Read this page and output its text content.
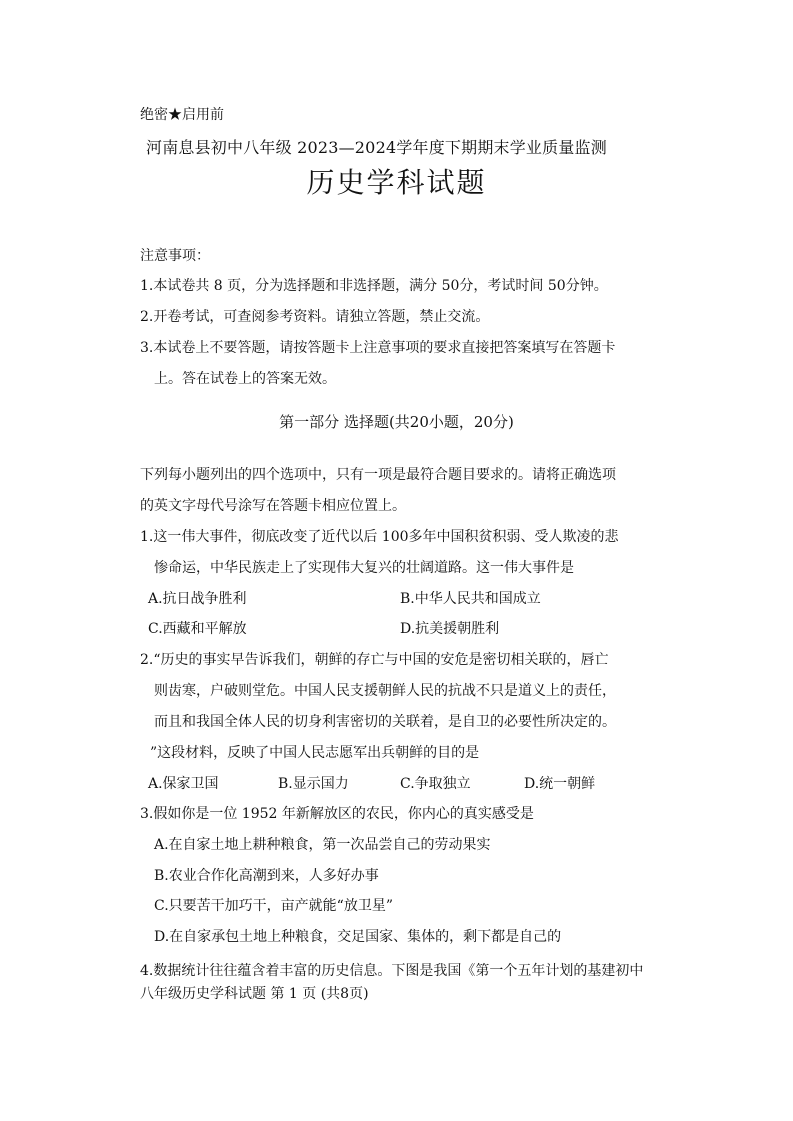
绝密★启用前
河南息县初中八年级 2023—2024学年度下期期末学业质量监测
历史学科试题
注意事项：
1.本试卷共 8 页，分为选择题和非选择题，满分 50分，考试时间 50分钟。
2.开卷考试，可查阅参考资料。请独立答题，禁止交流。
3.本试卷上不要答题，请按答题卡上注意事项的要求直接把答案填写在答题卡
上。答在试卷上的答案无效。
第一部分 选择题(共20小题，20分)
下列每小题列出的四个选项中，只有一项是最符合题目要求的。请将正确选项
的英文字母代号涂写在答题卡相应位置上。
1.这一伟大事件，彻底改变了近代以后 100多年中国积贫积弱、受人欺凌的悲
惨命运，中华民族走上了实现伟大复兴的壮阔道路。这一伟大事件是
A.抗日战争胜利	B.中华人民共和国成立
C.西藏和平解放	D.抗美援朝胜利
2.“历史的事实早告诉我们，朝鲜的存亡与中国的安危是密切相关联的，唇亡
则齿寒，户破则堂危。中国人民支援朝鲜人民的抗战不只是道义上的责任，
而且和我国全体人民的切身利害密切的关联着，是自卫的必要性所决定的。
”这段材料，反映了中国人民志愿军出兵朝鲜的目的是
A.保家卫国	B.显示国力	C.争取独立	D.统一朝鲜
3.假如你是一位 1952 年新解放区的农民，你内心的真实感受是
A.在自家土地上耕种粮食，第一次品尝自己的劳动果实
B.农业合作化高潮到来，人多好办事
C.只要苦干加巧干，亩产就能“放卫星”
D.在自家承包土地上种粮食，交足国家、集体的，剩下都是自己的
4.数据统计往往蕴含着丰富的历史信息。下图是我国《第一个五年计划的基建初中
八年级历史学科试题 第 1 页 (共8页)
